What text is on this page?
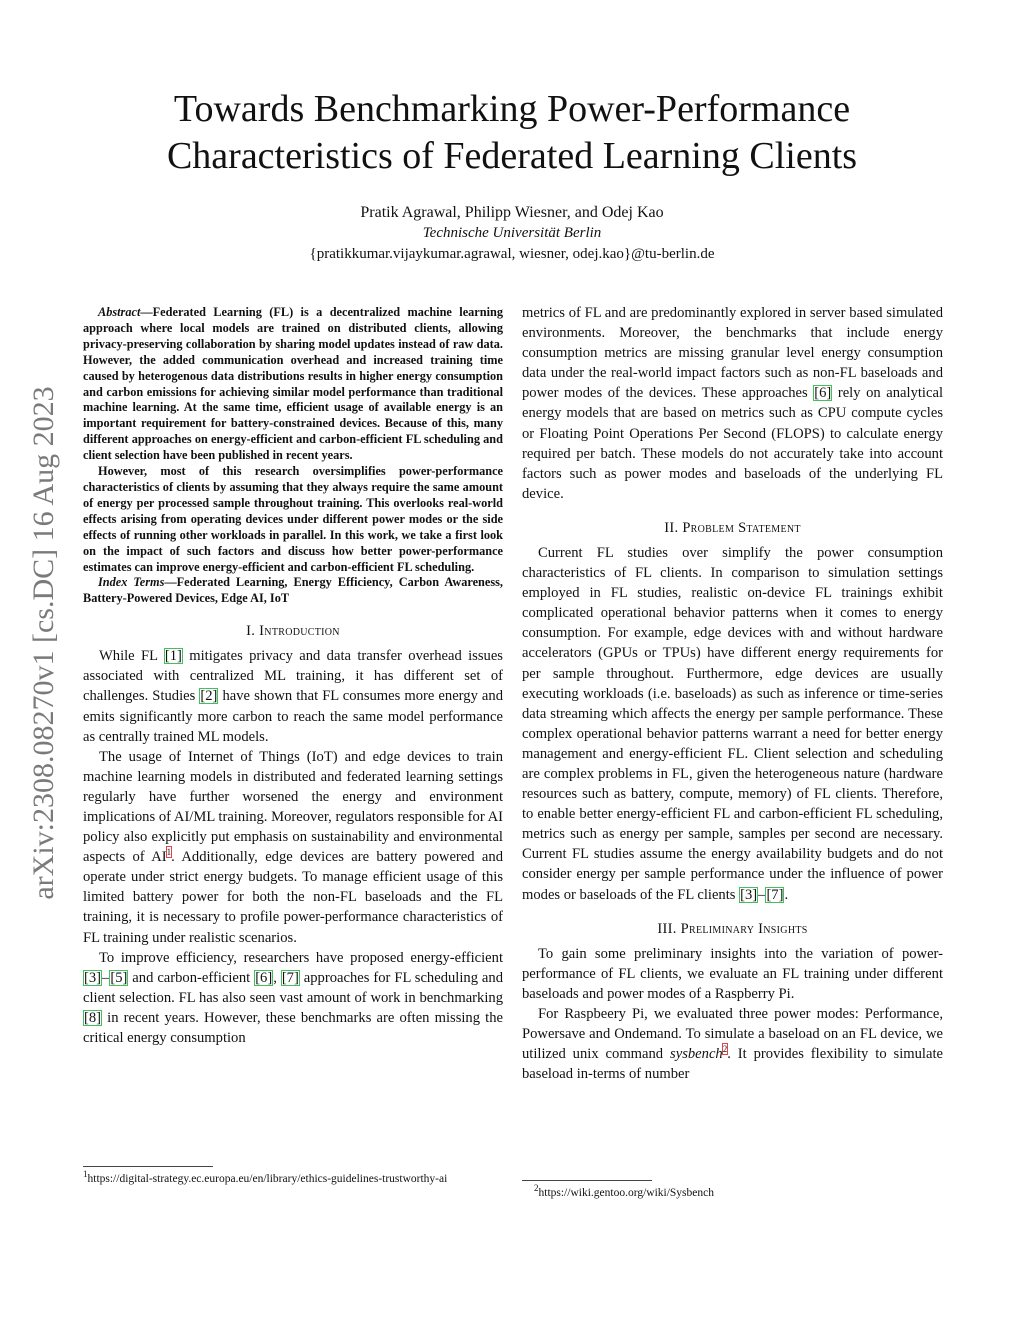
Towards Benchmarking Power-Performance
Characteristics of Federated Learning Clients
Pratik Agrawal, Philipp Wiesner, and Odej Kao
Technische Universität Berlin
{pratikkumar.vijaykumar.agrawal, wiesner, odej.kao}@tu-berlin.de
arXiv:2308.08270v1 [cs.DC] 16 Aug 2023

Abstract—Federated Learning (FL) is a decentralized machine learning approach where local models are trained on distributed clients, allowing privacy-preserving collaboration by sharing model updates instead of raw data. However, the added communication overhead and increased training time caused by heterogenous data distributions results in higher energy consumption and carbon emissions for achieving similar model performance than traditional machine learning. At the same time, efficient usage of available energy is an important requirement for battery-constrained devices. Because of this, many different approaches on energy-efficient and carbon-efficient FL scheduling and client selection have been published in recent years.

However, most of this research oversimplifies power-performance characteristics of clients by assuming that they always require the same amount of energy per processed sample throughout training. This overlooks real-world effects arising from operating devices under different power modes or the side effects of running other workloads in parallel. In this work, we take a first look on the impact of such factors and discuss how better power-performance estimates can improve energy-efficient and carbon-efficient FL scheduling.

Index Terms—Federated Learning, Energy Efficiency, Carbon Awareness, Battery-Powered Devices, Edge AI, IoT

I. Introduction

While FL [1] mitigates privacy and data transfer overhead issues associated with centralized ML training, it has different set of challenges. Studies [2] have shown that FL consumes more energy and emits significantly more carbon to reach the same model performance as centrally trained ML models.

The usage of Internet of Things (IoT) and edge devices to train machine learning models in distributed and federated learning settings regularly have further worsened the energy and environment implications of AI/ML training. Moreover, regulators responsible for AI policy also explicitly put emphasis on sustainability and environmental aspects of $AI^1$. Additionally, edge devices are battery powered and operate under strict energy budgets. To manage efficient usage of this limited battery power for both the non-FL baseloads and the FL training, it is necessary to profile power-performance characteristics of FL training under realistic scenarios.

To improve efficiency, researchers have proposed energy-efficient [3]–[5] and carbon-efficient [6], [7] approaches for FL scheduling and client selection. FL has also seen vast amount of work in benchmarking [8] in recent years. However, these benchmarks are often missing the critical energy consumption

$^1$https://digital-strategy.ec.europa.eu/en/library/ethics-guidelines-trustworthy-ai

metrics of FL and are predominantly explored in server based simulated environments. Moreover, the benchmarks that include energy consumption metrics are missing granular level energy consumption data under the real-world impact factors such as non-FL baseloads and power modes of the devices. These approaches [6] rely on analytical energy models that are based on metrics such as CPU compute cycles or Floating Point Operations Per Second (FLOPS) to calculate energy required per batch. These models do not accurately take into account factors such as power modes and baseloads of the underlying FL device.

II. Problem Statement

Current FL studies over simplify the power consumption characteristics of FL clients. In comparison to simulation settings employed in FL studies, realistic on-device FL trainings exhibit complicated operational behavior patterns when it comes to energy consumption. For example, edge devices with and without hardware accelerators (GPUs or TPUs) have different energy requirements for per sample throughout. Furthermore, edge devices are usually executing workloads (i.e. baseloads) as such as inference or time-series data streaming which affects the energy per sample performance. These complex operational behavior patterns warrant a need for better energy management and energy-efficient FL. Client selection and scheduling are complex problems in FL, given the heterogeneous nature (hardware resources such as battery, compute, memory) of FL clients. Therefore, to enable better energy-efficient FL and carbon-efficient FL scheduling, metrics such as energy per sample, samples per second are necessary. Current FL studies assume the energy availability budgets and do not consider energy per sample performance under the influence of power modes or baseloads of the FL clients [3]–[7].

III. Preliminary Insights

To gain some preliminary insights into the variation of power-performance of FL clients, we evaluate an FL training under different baseloads and power modes of a Raspberry Pi.

For Raspbeery Pi, we evaluated three power modes: Performance, Powersave and Ondemand. To simulate a baseload on an FL device, we utilized unix command sysbench$^2$. It provides flexibility to simulate baseload in-terms of number

$^2$https://wiki.gentoo.org/wiki/Sysbench
